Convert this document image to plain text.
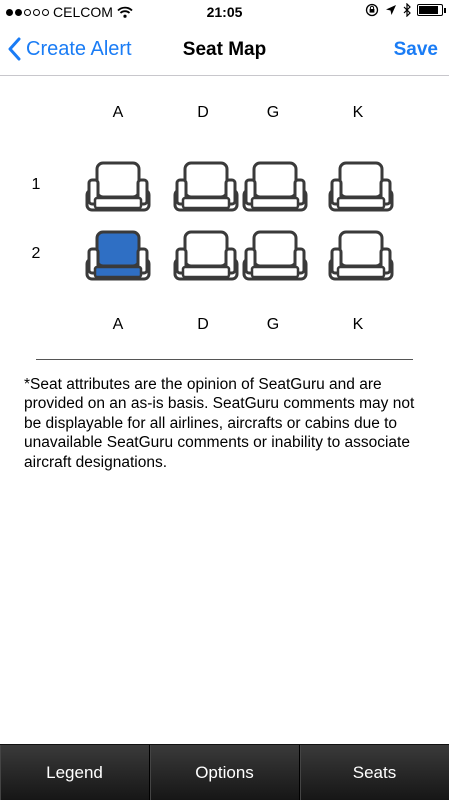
CELCOM	21:05
Create Alert	Seat Map	Save
A	D	G	K
1
2
A	D	G	K

*Seat attributes are the opinion of SeatGuru and are provided on an as-is basis. SeatGuru comments may not be displayable for all airlines, aircrafts or cabins due to unavailable SeatGuru comments or inability to associate aircraft designations.

Legend	Options	Seats
